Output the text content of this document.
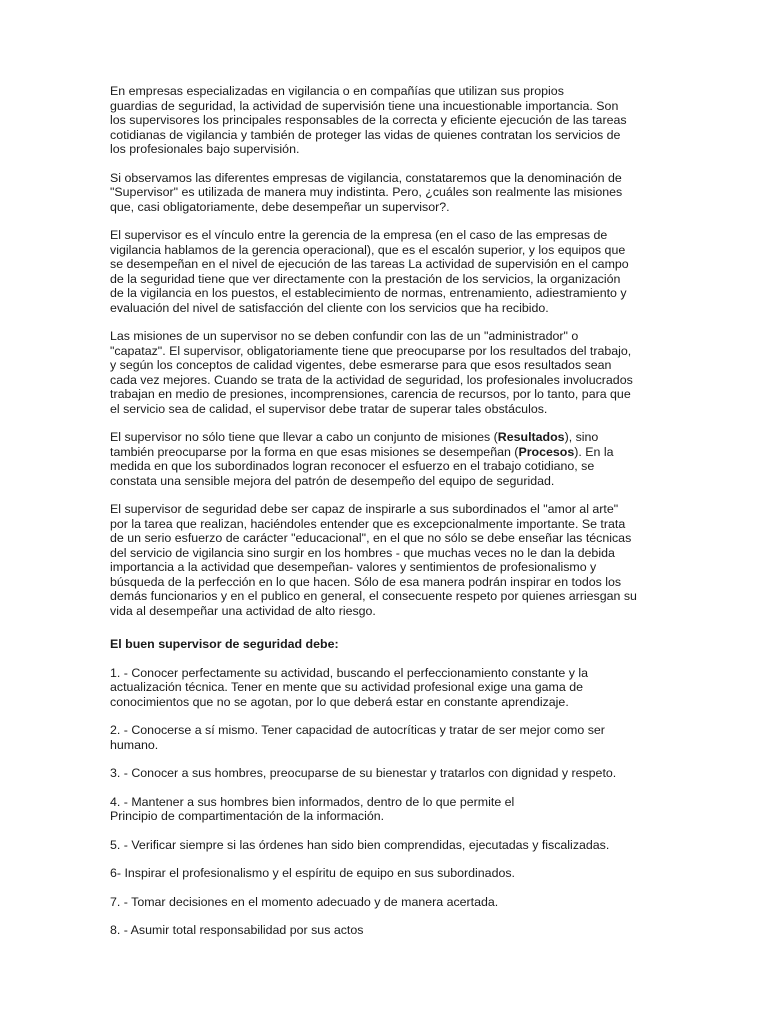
En empresas especializadas en vigilancia o en compañías que utilizan sus propios
guardias de seguridad, la actividad de supervisión tiene una incuestionable importancia. Son
los supervisores los principales responsables de la correcta y eficiente ejecución de las tareas
cotidianas de vigilancia y también de proteger las vidas de quienes contratan los servicios de
los profesionales bajo supervisión.

Si observamos las diferentes empresas de vigilancia, constataremos que la denominación de
"Supervisor" es utilizada de manera muy indistinta. Pero, ¿cuáles son realmente las misiones
que, casi obligatoriamente, debe desempeñar un supervisor?.

El supervisor es el vínculo entre la gerencia de la empresa (en el caso de las empresas de
vigilancia hablamos de la gerencia operacional), que es el escalón superior, y los equipos que
se desempeñan en el nivel de ejecución de las tareas La actividad de supervisión en el campo
de la seguridad tiene que ver directamente con la prestación de los servicios, la organización
de la vigilancia en los puestos, el establecimiento de normas, entrenamiento, adiestramiento y
evaluación del nivel de satisfacción del cliente con los servicios que ha recibido.

Las misiones de un supervisor no se deben confundir con las de un "administrador" o
"capataz". El supervisor, obligatoriamente tiene que preocuparse por los resultados del trabajo,
y según los conceptos de calidad vigentes, debe esmerarse para que esos resultados sean
cada vez mejores. Cuando se trata de la actividad de seguridad, los profesionales involucrados
trabajan en medio de presiones, incomprensiones, carencia de recursos, por lo tanto, para que
el servicio sea de calidad, el supervisor debe tratar de superar tales obstáculos.

El supervisor no sólo tiene que llevar a cabo un conjunto de misiones (Resultados), sino
también preocuparse por la forma en que esas misiones se desempeñan (Procesos). En la
medida en que los subordinados logran reconocer el esfuerzo en el trabajo cotidiano, se
constata una sensible mejora del patrón de desempeño del equipo de seguridad.

El supervisor de seguridad debe ser capaz de inspirarle a sus subordinados el "amor al arte"
por la tarea que realizan, haciéndoles entender que es excepcionalmente importante. Se trata
de un serio esfuerzo de carácter "educacional", en el que no sólo se debe enseñar las técnicas
del servicio de vigilancia sino surgir en los hombres - que muchas veces no le dan la debida
importancia a la actividad que desempeñan- valores y sentimientos de profesionalismo y
búsqueda de la perfección en lo que hacen. Sólo de esa manera podrán inspirar en todos los
demás funcionarios y en el publico en general, el consecuente respeto por quienes arriesgan su
vida al desempeñar una actividad de alto riesgo.

El buen supervisor de seguridad debe:

1. - Conocer perfectamente su actividad, buscando el perfeccionamiento constante y la
actualización técnica. Tener en mente que su actividad profesional exige una gama de
conocimientos que no se agotan, por lo que deberá estar en constante aprendizaje.

2. - Conocerse a sí mismo. Tener capacidad de autocríticas y tratar de ser mejor como ser
humano.

3. - Conocer a sus hombres, preocuparse de su bienestar y tratarlos con dignidad y respeto.

4. - Mantener a sus hombres bien informados, dentro de lo que permite el
Principio de compartimentación de la información.

5. - Verificar siempre si las órdenes han sido bien comprendidas, ejecutadas y fiscalizadas.

6- Inspirar el profesionalismo y el espíritu de equipo en sus subordinados.

7. - Tomar decisiones en el momento adecuado y de manera acertada.

8. - Asumir total responsabilidad por sus actos
